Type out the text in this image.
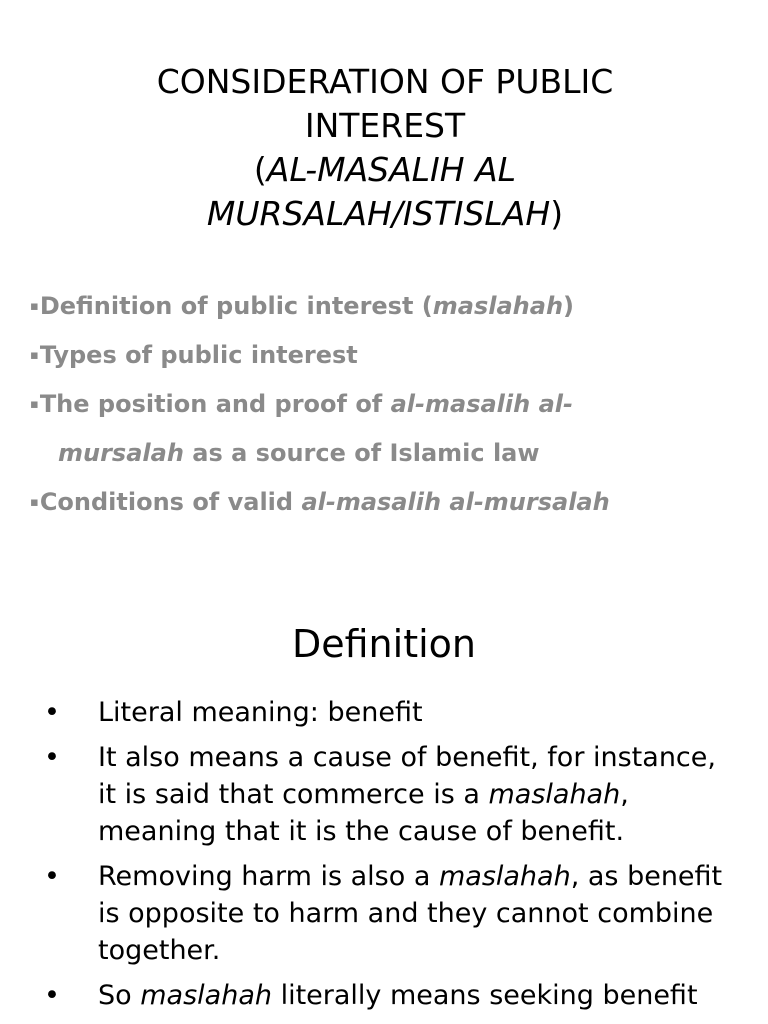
CONSIDERATION OF PUBLIC
INTEREST
(AL-MASALIH AL
MURSALAH/ISTISLAH)
▪Definition of public interest (maslahah)
▪Types of public interest
▪The position and proof of al-masalih al-
mursalah as a source of Islamic law
▪Conditions of valid al-masalih al-mursalah
Definition
• Literal meaning: benefit
• It also means a cause of benefit, for instance, it is said that commerce is a maslahah, meaning that it is the cause of benefit.
• Removing harm is also a maslahah, as benefit is opposite to harm and they cannot combine together.
• So maslahah literally means seeking benefit
